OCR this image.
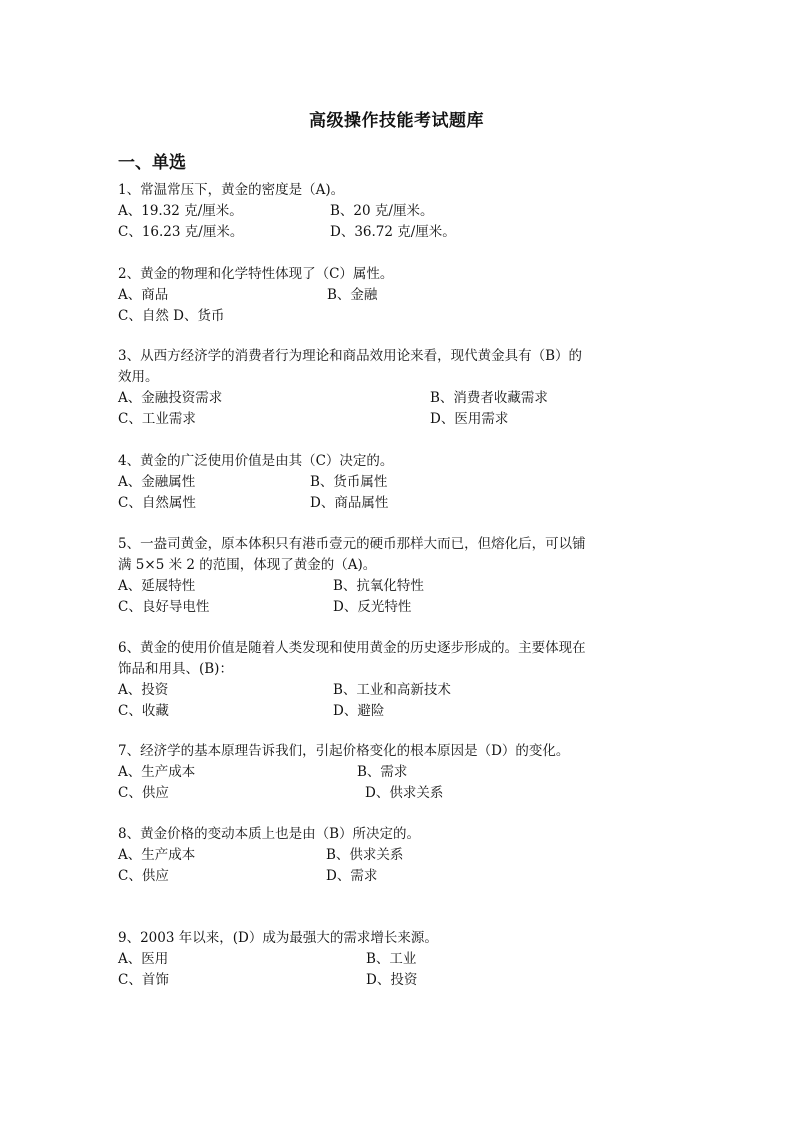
高级操作技能考试题库
一、单选
1、常温常压下，黄金的密度是（A)。
A、19.32 克/厘米。	B、20 克/厘米。
C、16.23 克/厘米。	D、36.72 克/厘米。
2、黄金的物理和化学特性体现了（C）属性。
A、商品	B、金融
C、自然 D、货币
3、从西方经济学的消费者行为理论和商品效用论来看，现代黄金具有（B）的
效用。
A、金融投资需求	B、消费者收藏需求
C、工业需求	D、医用需求
4、黄金的广泛使用价值是由其（C）决定的。
A、金融属性	B、货币属性
C、自然属性	D、商品属性
5、一盎司黄金，原本体积只有港币壹元的硬币那样大而已，但熔化后，可以铺
满 5×5 米 2 的范围，体现了黄金的（A)。
A、延展特性	B、抗氧化特性
C、良好导电性	D、反光特性
6、黄金的使用价值是随着人类发现和使用黄金的历史逐步形成的。主要体现在
饰品和用具、(B)：
A、投资	B、工业和高新技术
C、收藏	D、避险
7、经济学的基本原理告诉我们，引起价格变化的根本原因是（D）的变化。
A、生产成本	B、需求
C、供应	D、供求关系
8、黄金价格的变动本质上也是由（B）所决定的。
A、生产成本	B、供求关系
C、供应	D、需求
9、2003 年以来，(D）成为最强大的需求增长来源。
A、医用	B、工业
C、首饰	D、投资
